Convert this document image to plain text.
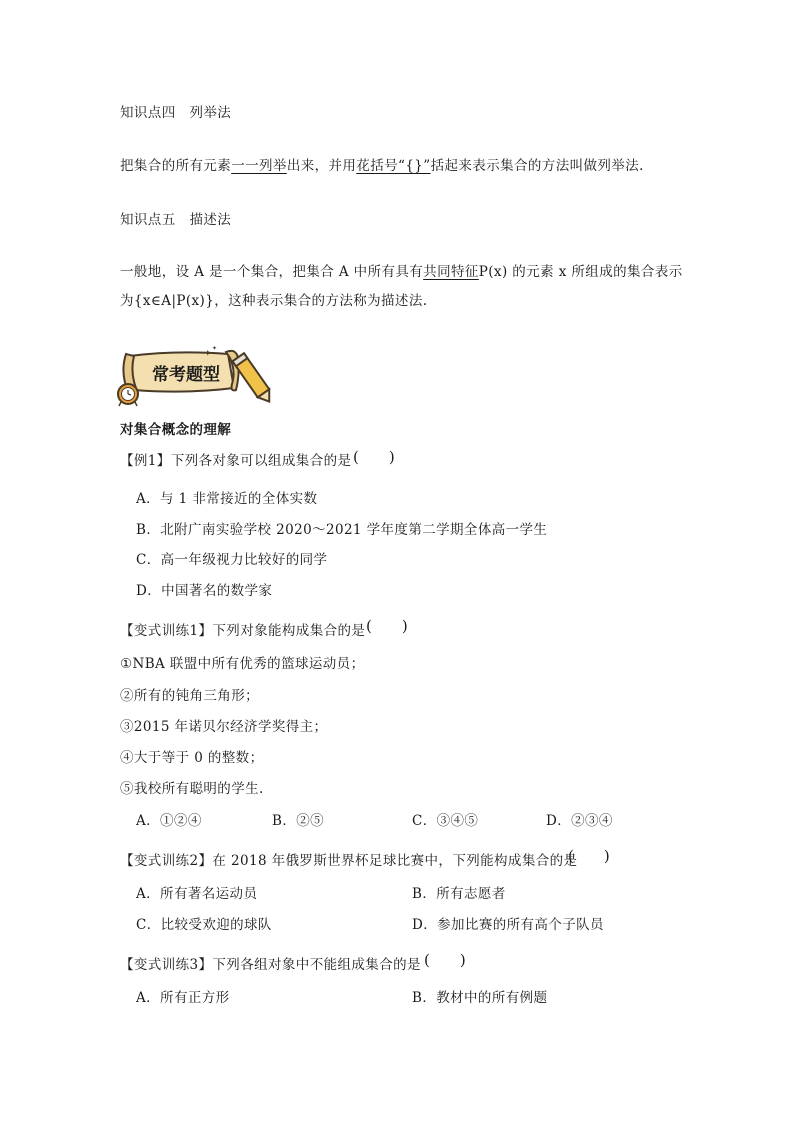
知识点四　列举法
把集合的所有元素一一列举出来，并用花括号“{}”括起来表示集合的方法叫做列举法.
知识点五　描述法
一般地，设 A 是一个集合，把集合 A 中所有具有共同特征P(x) 的元素 x 所组成的集合表示
为{x∈A|P(x)}，这种表示集合的方法称为描述法.
✦
✦
常考题型
对集合概念的理解
【例1】下列各对象可以组成集合的是 (　　)
A．与 1 非常接近的全体实数
B．北附广南实验学校 2020～2021 学年度第二学期全体高一学生
C．高一年级视力比较好的同学
D．中国著名的数学家
【变式训练1】下列对象能构成集合的是 (　　)
①NBA 联盟中所有优秀的篮球运动员；
②所有的钝角三角形；
③2015 年诺贝尔经济学奖得主；
④大于等于 0 的整数；
⑤我校所有聪明的学生.
A．①②④	B．②⑤	C．③④⑤	D．②③④
【变式训练2】在 2018 年俄罗斯世界杯足球比赛中，下列能构成集合的是
(　　)
A．所有著名运动员	B．所有志愿者
C．比较受欢迎的球队	D．参加比赛的所有高个子队员
【变式训练3】下列各组对象中不能组成集合的是 (　　)
A．所有正方形	B．教材中的所有例题
